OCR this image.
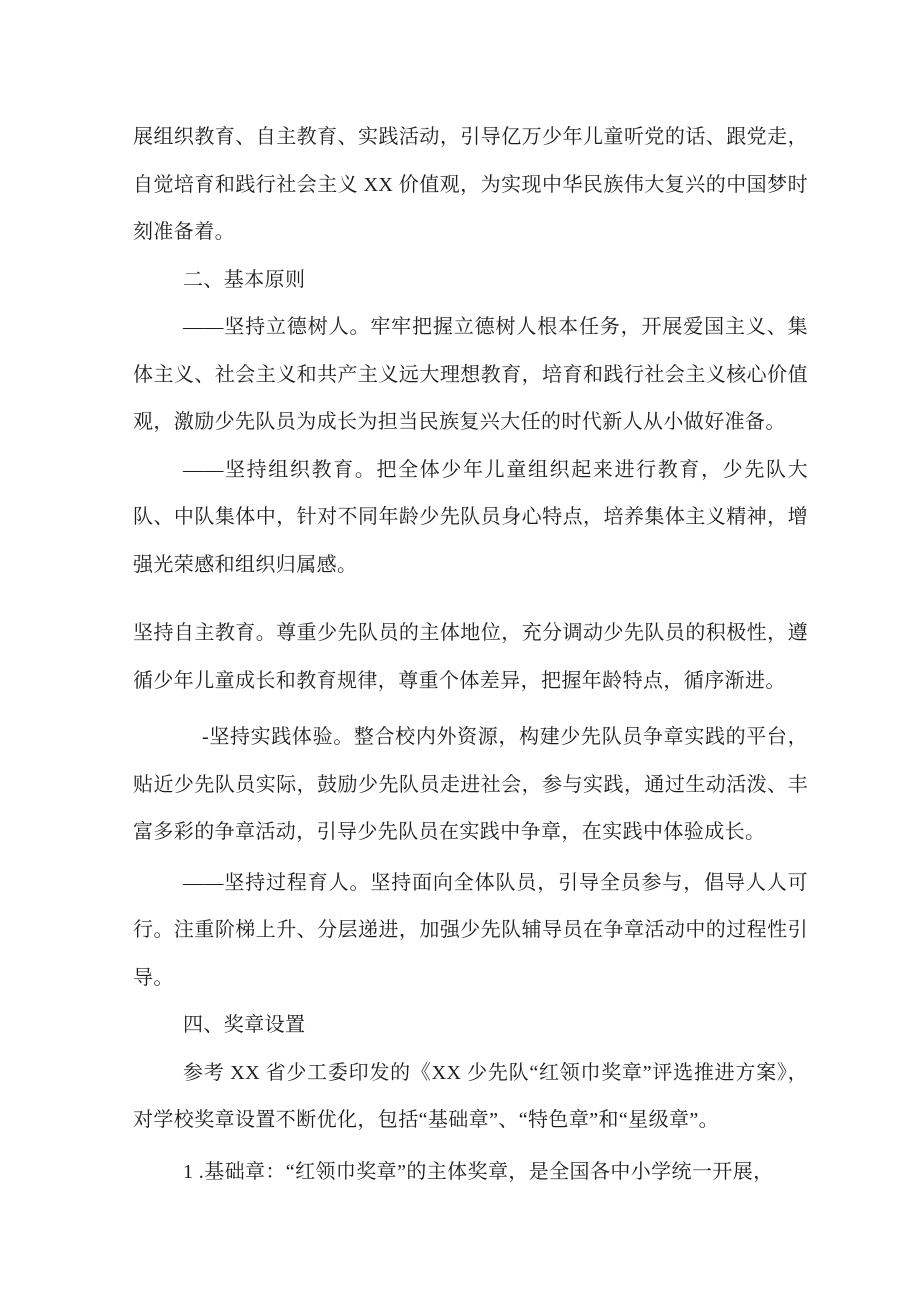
展组织教育、自主教育、实践活动，引导亿万少年儿童听党的话、跟党走，自觉培育和践行社会主义 XX 价值观，为实现中华民族伟大复兴的中国梦时刻准备着。

二、基本原则

——坚持立德树人。牢牢把握立德树人根本任务，开展爱国主义、集体主义、社会主义和共产主义远大理想教育，培育和践行社会主义核心价值观，激励少先队员为成长为担当民族复兴大任的时代新人从小做好准备。

——坚持组织教育。把全体少年儿童组织起来进行教育，少先队大队、中队集体中，针对不同年龄少先队员身心特点，培养集体主义精神，增强光荣感和组织归属感。

坚持自主教育。尊重少先队员的主体地位，充分调动少先队员的积极性，遵循少年儿童成长和教育规律，尊重个体差异，把握年龄特点，循序渐进。

-坚持实践体验。整合校内外资源，构建少先队员争章实践的平台，贴近少先队员实际，鼓励少先队员走进社会，参与实践，通过生动活泼、丰富多彩的争章活动，引导少先队员在实践中争章，在实践中体验成长。

——坚持过程育人。坚持面向全体队员，引导全员参与，倡导人人可行。注重阶梯上升、分层递进，加强少先队辅导员在争章活动中的过程性引导。

四、奖章设置

参考 XX 省少工委印发的《XX 少先队“红领巾奖章”评选推进方案》，对学校奖章设置不断优化，包括“基础章”、“特色章”和“星级章”。

1 .基础章：“红领巾奖章”的主体奖章，是全国各中小学统一开展，
